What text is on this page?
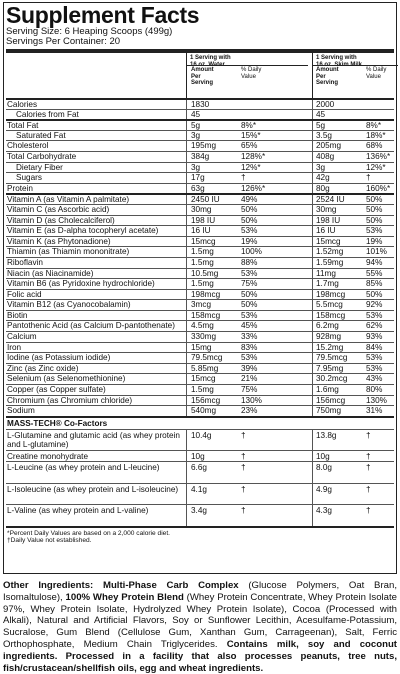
Supplement Facts
Serving Size: 6 Heaping Scoops (499g)
Servings Per Container: 20
1 Serving with	1 Serving with
Amount
Per
Serving
% Daily
Value
Amount
Per
Serving
% Daily
Value
Calories	1830	2000
Calories from Fat	45	45
Total Fat	5g	8%*	5g	8%*
Saturated Fat	3g	15%*	3.5g	18%*
Cholesterol	195mg	65%	205mg	68%
Total Carbohydrate	384g	128%*	408g	136%*
Dietary Fiber	3g	12%*	3g	12%*
Sugars	17g	†	42g	†
Protein	63g	126%*	80g	160%*
Vitamin A (as Vitamin A palmitate)	2450 IU	49%	2524 IU	50%
Vitamin C (as Ascorbic acid)	30mg	50%	30mg	50%
Vitamin D (as Cholecalciferol)	198 IU	50%	198 IU	50%
Vitamin E (as D-alpha tocopheryl acetate)	16 IU	53%	16 IU	53%
Vitamin K (as Phytonadione)	15mcg	19%	15mcg	19%
Thiamin (as Thiamin mononitrate)	1.5mg	100%	1.52mg	101%
Riboflavin	1.5mg	88%	1.59mg	94%
Niacin (as Niacinamide)	10.5mg	53%	11mg	55%
Vitamin B6 (as Pyridoxine hydrochloride)	1.5mg	75%	1.7mg	85%
Folic acid	198mcg	50%	198mcg	50%
Vitamin B12 (as Cyanocobalamin)	3mcg	50%	5.5mcg	92%
Biotin	158mcg	53%	158mcg	53%
Pantothenic Acid (as Calcium D-pantothenate) 4.5mg	45%	6.2mg	62%
Calcium	330mg	33%	928mg	93%
Iron	15mg	83%	15.2mg	84%
Iodine (as Potassium iodide)	79.5mcg 53%	79.5mcg 53%
Zinc (as Zinc oxide)	5.85mg	39%	7.95mg	53%
Selenium (as Selenomethionine)	15mcg	21%	30.2mcg 43%
Copper (as Copper sulfate)	1.5mg	75%	1.6mg	80%
Chromium (as Chromium chloride)	156mcg	130%	156mcg	130%
Sodium	540mg	23%	750mg	31%
MASS-TECH® Co-Factors
L-Glutamine and glutamic acid (as whey protein and L-glutamine)
10.4g	†	13.8g	†
Creatine monohydrate	10g	†	10g	†
L-Leucine (as whey protein and L-leucine)	6.6g	†	8.0g	†
L-Isoleucine (as whey protein and L-isoleucine)	4.1g	†	4.9g	†
L-Valine (as whey protein and L-valine)	3.4g	†	4.3g	†
*Percent Daily Values are based on a 2,000 calorie diet.
†Daily Value not established.
Other Ingredients: Multi-Phase Carb Complex (Glucose Polymers, Oat Bran, Isomaltulose), 100% Whey Protein Blend (Whey Protein Concentrate, Whey Protein Isolate 97%, Whey Protein Isolate, Hydrolyzed Whey Protein Isolate), Cocoa (Processed with Alkali), Natural and Artificial Flavors, Soy or Sunflower Lecithin, Acesulfame-Potassium, Sucralose, Gum Blend (Cellulose Gum, Xanthan Gum, Carrageenan), Salt, Ferric Orthophosphate, Medium Chain Triglycerides. Contains milk, soy and coconut ingredients. Processed in a facility that also processes peanuts, tree nuts, fish/crustacean/shellfish oils, egg and wheat ingredients.
